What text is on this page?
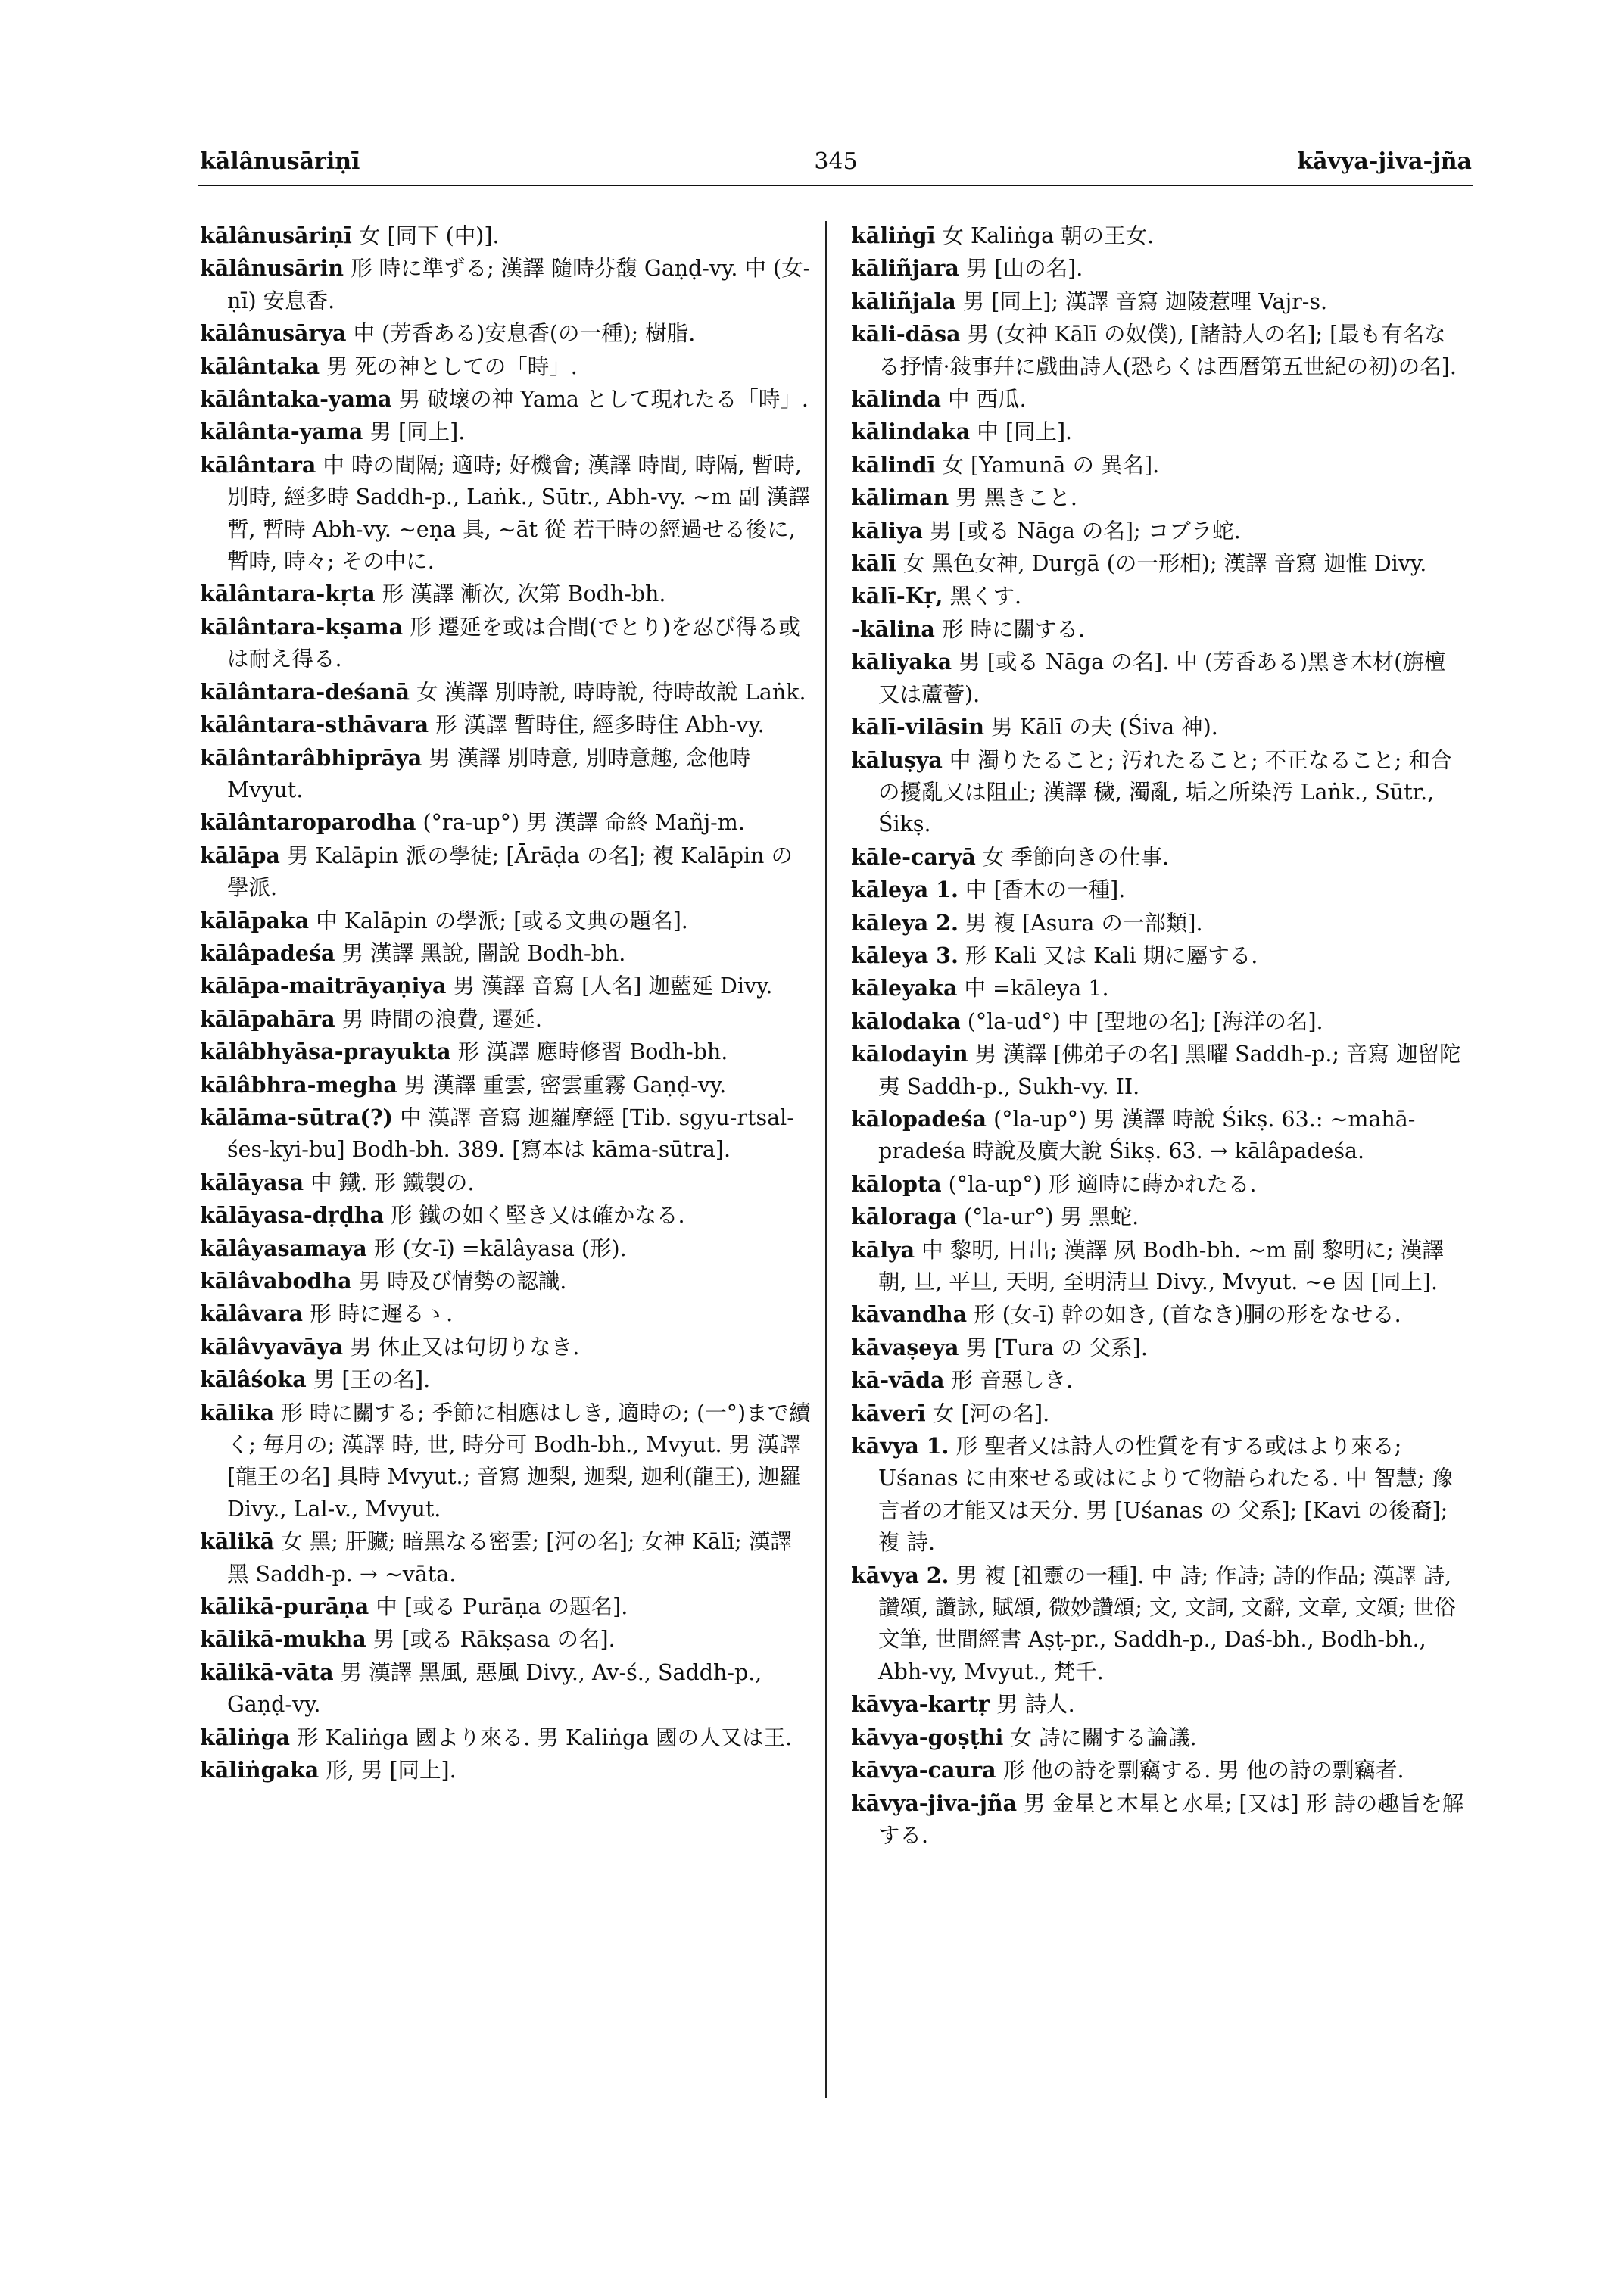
kālânusāriṇī	345	kāvya-jiva-jña
kālânusāriṇī 女 [同下 (中)].
kālânusārin 形 時に準ずる; 漢譯 隨時芬馥 Gaṇḍ-vy. 中 (女-ṇī) 安息香.
kālânusārya 中 (芳香ある)安息香(の一種); 樹脂.
kālântaka 男 死の神としての「時」.
kālântaka-yama 男 破壞の神 Yama として現れたる「時」.
kālânta-yama 男 [同上].
kālântara 中 時の間隔; 適時; 好機會; 漢譯 時間, 時隔, 暫時, 別時, 經多時 Saddh-p., Laṅk., Sūtr., Abh-vy. ∼m 副 漢譯 暫, 暫時 Abh-vy. ∼eṇa 具, ∼āt 從 若干時の經過せる後に, 暫時, 時々; その中に.
kālântara-kṛta 形 漢譯 漸次, 次第 Bodh-bh.
kālântara-kṣama 形 遷延を或は合間(でとり)を忍び得る或は耐え得る.
kālântara-deśanā 女 漢譯 別時說, 時時說, 待時故說 Laṅk.
kālântara-sthāvara 形 漢譯 暫時住, 經多時住 Abh-vy.
kālântarâbhiprāya 男 漢譯 別時意, 別時意趣, 念他時 Mvyut.
kālântaroparodha (°ra-up°) 男 漢譯 命終 Mañj-m.
kālāpa 男 Kalāpin 派の學徒; [Ārāḍa の名]; 複 Kalāpin の學派.
kālāpaka 中 Kalāpin の學派; [或る文典の題名].
kālâpadeśa 男 漢譯 黑說, 闇說 Bodh-bh.
kālāpa-maitrāyaṇiya 男 漢譯 音寫 [人名] 迦藍延 Divy.
kālāpahāra 男 時間の浪費, 遷延.
kālâbhyāsa-prayukta 形 漢譯 應時修習 Bodh-bh.
kālâbhra-megha 男 漢譯 重雲, 密雲重霧 Gaṇḍ-vy.
kālāma-sūtra(?) 中 漢譯 音寫 迦羅摩經 [Tib. sgyu-rtsal-śes-kyi-bu] Bodh-bh. 389. [寫本は kāma-sūtra].
kālāyasa 中 鐵. 形 鐵製の.
kālāyasa-dṛḍha 形 鐵の如く堅き又は確かなる.
kālâyasamaya 形 (女-ī) =kālâyasa (形).
kālâvabodha 男 時及び情勢の認識.
kālâvara 形 時に遲るゝ.
kālâvyavāya 男 休止又は句切りなき.
kālâśoka 男 [王の名].
kālika 形 時に關する; 季節に相應はしき, 適時の; (一°)まで續く; 毎月の; 漢譯 時, 世, 時分可 Bodh-bh., Mvyut. 男 漢譯 [龍王の名] 具時 Mvyut.; 音寫 迦梨, 迦梨, 迦利(龍王), 迦羅 Divy., Lal-v., Mvyut.
kālikā 女 黑; 肝臟; 暗黑なる密雲; [河の名]; 女神 Kālī; 漢譯 黑 Saddh-p. → ∼vāta.
kālikā-purāṇa 中 [或る Purāṇa の題名].
kālikā-mukha 男 [或る Rākṣasa の名].
kālikā-vāta 男 漢譯 黑風, 惡風 Divy., Av-ś., Saddh-p., Gaṇḍ-vy.
kāliṅga 形 Kaliṅga 國より來る. 男 Kaliṅga 國の人又は王.
kāliṅgaka 形, 男 [同上].
kāliṅgī 女 Kaliṅga 朝の王女.
kāliñjara 男 [山の名].
kāliñjala 男 [同上]; 漢譯 音寫 迦陵惹哩 Vajr-s.
kāli-dāsa 男 (女神 Kālī の奴僕), [諸詩人の名]; [最も有名なる抒情·敍事幷に戲曲詩人(恐らくは西曆第五世紀の初)の名].
kālinda 中 西瓜.
kālindaka 中 [同上].
kālindī 女 [Yamunā の 異名].
kāliman 男 黑きこと.
kāliya 男 [或る Nāga の名]; コブラ蛇.
kālī 女 黑色女神, Durgā (の一形相); 漢譯 音寫 迦惟 Divy.
kālī-Kṛ, 黑くす.
-kālina 形 時に關する.
kāliyaka 男 [或る Nāga の名]. 中 (芳香ある)黑き木材(旃檀又は蘆薈).
kālī-vilāsin 男 Kālī の夫 (Śiva 神).
kāluṣya 中 濁りたること; 汚れたること; 不正なること; 和合の擾亂又は阻止; 漢譯 穢, 濁亂, 垢之所染汚 Laṅk., Sūtr., Śikṣ.
kāle-caryā 女 季節向きの仕事.
kāleya 1. 中 [香木の一種].
kāleya 2. 男 複 [Asura の一部類].
kāleya 3. 形 Kali 又は Kali 期に屬する.
kāleyaka 中 =kāleya 1.
kālodaka (°la-ud°) 中 [聖地の名]; [海洋の名].
kālodayin 男 漢譯 [佛弟子の名] 黑曜 Saddh-p.; 音寫 迦留陀夷 Saddh-p., Sukh-vy. II.
kālopadeśa (°la-up°) 男 漢譯 時說 Śikṣ. 63.: ∼mahā-pradeśa 時說及廣大說 Śikṣ. 63. → kālâpadeśa.
kālopta (°la-up°) 形 適時に蒔かれたる.
kāloraga (°la-ur°) 男 黑蛇.
kālya 中 黎明, 日出; 漢譯 夙 Bodh-bh. ∼m 副 黎明に; 漢譯 朝, 旦, 平旦, 天明, 至明淸旦 Divy., Mvyut. ∼e 因 [同上].
kāvandha 形 (女-ī) 幹の如き, (首なき)胴の形をなせる.
kāvaṣeya 男 [Tura の 父系].
kā-vāda 形 音惡しき.
kāverī 女 [河の名].
kāvya 1. 形 聖者又は詩人の性質を有する或はより來る; Uśanas に由來せる或はによりて物語られたる. 中 智慧; 豫言者の才能又は天分. 男 [Uśanas の 父系]; [Kavi の後裔]; 複 詩.
kāvya 2. 男 複 [祖靈の一種]. 中 詩; 作詩; 詩的作品; 漢譯 詩, 讚頌, 讚詠, 賦頌, 微妙讚頌; 文, 文詞, 文辭, 文章, 文頌; 世俗文筆, 世間經書 Aṣṭ-pr., Saddh-p., Daś-bh., Bodh-bh., Abh-vy, Mvyut., 梵千.
kāvya-kartṛ 男 詩人.
kāvya-goṣṭhi 女 詩に關する論議.
kāvya-caura 形 他の詩を剽竊する. 男 他の詩の剽竊者.
kāvya-jiva-jña 男 金星と木星と水星; [又は] 形 詩の趣旨を解する.
